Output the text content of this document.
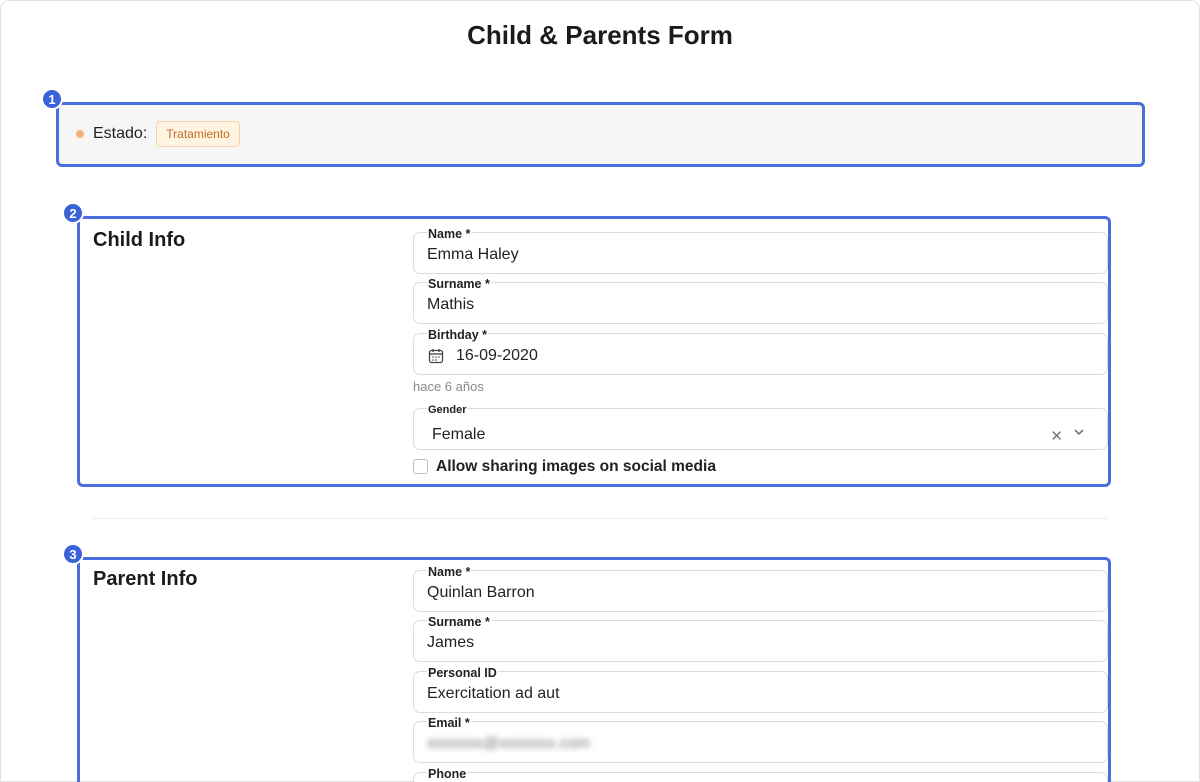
Child & Parents Form
Estado:	Tratamiento
1
2
Child Info	Name *
Emma Haley
Surname *
Mathis
Birthday *
16-09-2020
hace 6 años
Gender
Female	✕
Allow sharing images on social media
3
Parent Info	Name *
Quinlan Barron
Surname *
James
Personal ID
Exercitation ad aut
Email *
xxxxxxx@xxxxxxx.com
Phone
